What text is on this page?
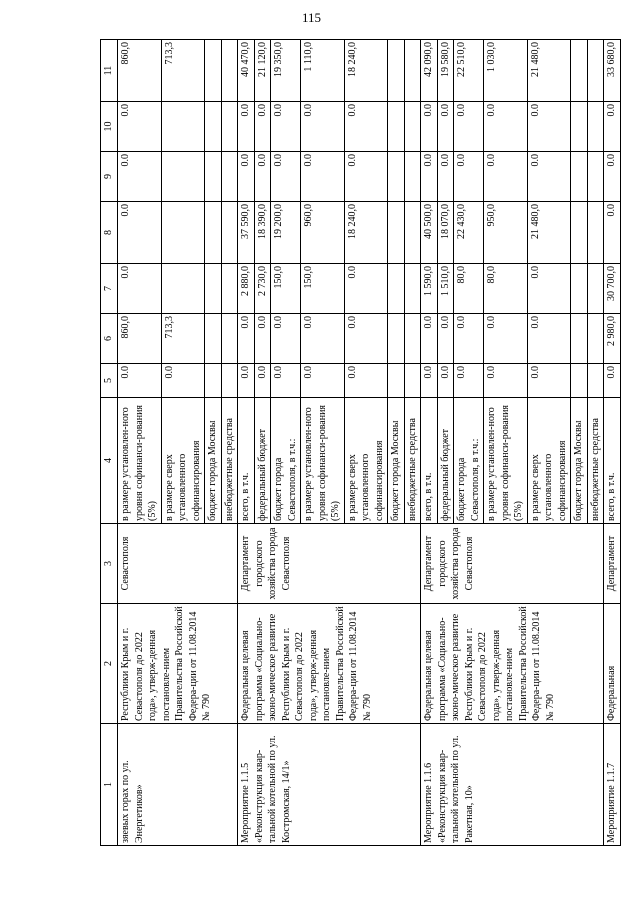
115
1	2	3	4	5	6	7	8	9	10	11
зяевых горах по ул. Энергетиков»	Республики Крым и г. Севастополя до 2022 года», утверж-денная постановле-нием Правительства Российской Федера-ции от 11.08.2014 № 790	Севастополя	в размере установлен-ного уровня софинанси-рования (5%)	0.0	860,0	0.0	0.0	0.0	0.0	860,0
			в размере сверх установленного софинансирования	0.0	713,3					713,3
			бюджет города Москвы							
			внебюджетные средства							
Мероприятие 1.1.5 «Реконструкция квар-тальной котельной по ул. Костромская, 14/1»	Федеральная целевая программа «Социально-эконо-мическое развитие Республики Крым и г. Севастополя до 2022 года», утверж-денная постановле-нием Правительства Российской Федера-ции от 11.08.2014 № 790	Департамент городского хозяйства города Севастополя	всего, в т.ч.	0.0	0.0	2 880,0	37 590,0	0.0	0.0	40 470,0
			федеральный бюджет	0.0	0.0	2 730,0	18 390,0	0.0	0.0	21 120,0
			бюджет города Севастополя, в т.ч.:	0.0	0.0	150,0	19 200,0	0.0	0.0	19 350,0
			в размере установлен-ного уровня софинанси-рования (5%)	0.0	0.0	150,0	960,0	0.0	0.0	1 110,0
			в размере сверх установленного софинансирования	0.0	0.0	0.0	18 240,0	0.0	0.0	18 240,0
			бюджет города Москвы							
			внебюджетные средства							
Мероприятие 1.1.6 «Реконструкция квар-тальной котельной по ул. Ракетная, 10»	Федеральная целевая программа «Социально-эконо-мическое развитие Республики Крым и г. Севастополя до 2022 года», утверж-денная постановле-нием Правительства Российской Федера-ции от 11.08.2014 № 790	Департамент городского хозяйства города Севастополя	всего, в т.ч.	0.0	0.0	1 590,0	40 500,0	0.0	0.0	42 090,0
			федеральный бюджет	0.0	0.0	1 510,0	18 070,0	0.0	0.0	19 580,0
			бюджет города Севастополя, в т.ч.:	0.0	0.0	80,0	22 430,0	0.0	0.0	22 510,0
			в размере установлен-ного уровня софинанси-рования (5%)	0.0	0.0	80,0	950,0	0.0	0.0	1 030,0
			в размере сверх установленного софинансирования	0.0	0.0	0.0	21 480,0	0.0	0.0	21 480,0
			бюджет города Москвы							
			внебюджетные средства							
Мероприятие 1.1.7	Федеральная	Департамент	всего, в т.ч.	0.0	2 980,0	30 700,0	0.0	0.0	0.0	33 680,0
